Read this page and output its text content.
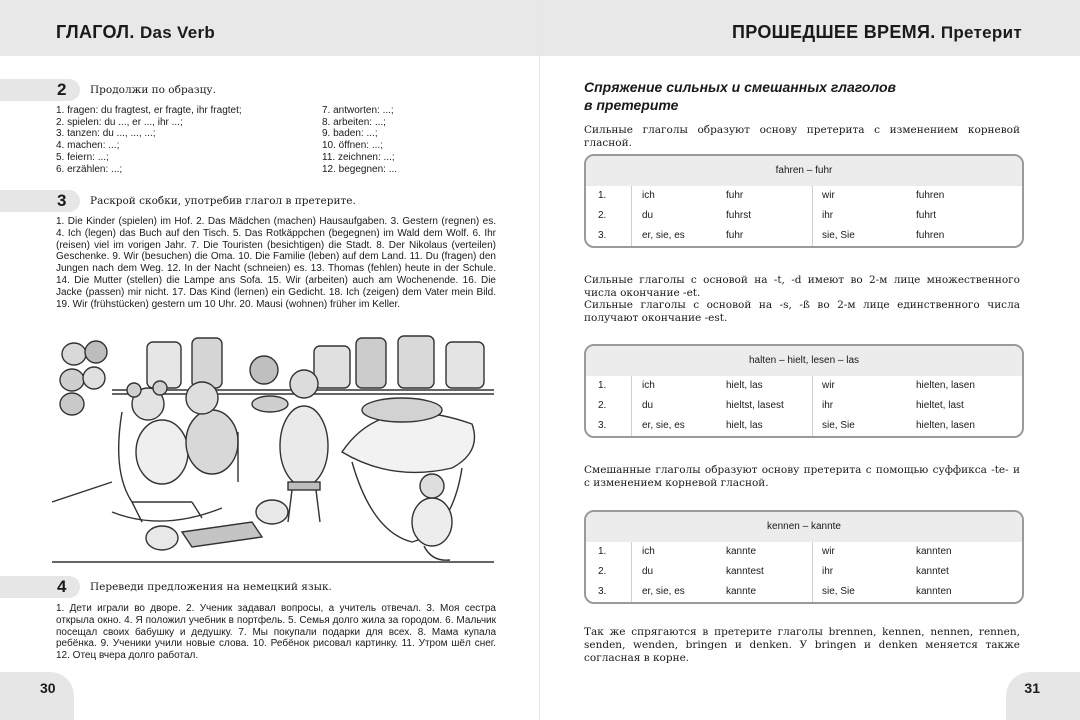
ГЛАГОЛ. Das Verb
2 Продолжи по образцу.
1. fragen: du fragtest, er fragte, ihr fragtet;
2. spielen: du ..., er ..., ihr ...;
3. tanzen: du ..., ..., ...;
4. machen: ...;
5. feiern: ...;
6. erzählen: ...;
7. antworten: ...;
8. arbeiten: ...;
9. baden: ...;
10. öffnen: ...;
11. zeichnen: ...;
12. begegnen: ...
3 Раскрой скобки, употребив глагол в претерите.
1. Die Kinder (spielen) im Hof. 2. Das Mädchen (machen) Hausaufgaben. 3. Gestern (regnen) es. 4. Ich (legen) das Buch auf den Tisch. 5. Das Rotkäppchen (begegnen) im Wald dem Wolf. 6. Ihr (reisen) viel im vorigen Jahr. 7. Die Touristen (besichtigen) die Stadt. 8. Der Nikolaus (verteilen) Geschenke. 9. Wir (besuchen) die Oma. 10. Die Familie (leben) auf dem Land. 11. Du (fragen) den Jungen nach dem Weg. 12. In der Nacht (schneien) es. 13. Thomas (fehlen) heute in der Schule. 14. Die Mutter (stellen) die Lampe ans Sofa. 15. Wir (arbeiten) auch am Wochenende. 16. Die Jacke (passen) mir nicht. 17. Das Kind (lernen) ein Gedicht. 18. Ich (zeigen) dem Vater mein Bild. 19. Wir (frühstücken) gestern um 10 Uhr. 20. Mausi (wohnen) früher im Keller.
4 Переведи предложения на немецкий язык.
1. Дети играли во дворе. 2. Ученик задавал вопросы, а учитель отвечал. 3. Моя сестра открыла окно. 4. Я положил учебник в портфель. 5. Семья долго жила за городом. 6. Мальчик посещал своих бабушку и дедушку. 7. Мы покупали подарки для всех. 8. Мама купала ребёнка. 9. Ученики учили новые слова. 10. Ребёнок рисовал картинку. 11. Утром шёл снег. 12. Отец вчера долго работал.
30
ПРОШЕДШЕЕ ВРЕМЯ. Претерит
Спряжение сильных и смешанных глаголов
в претерите
Сильные глаголы образуют основу претерита с изменением корневой гласной.
fahren – fuhr
1.	ich	fuhr	wir	fuhren
2.	du	fuhrst	ihr	fuhrt
3.	er, sie, es	fuhr	sie, Sie	fuhren
Сильные глаголы с основой на -t, -d имеют во 2-м лице множественного числа окончание -et.
Сильные глаголы с основой на -s, -ß во 2-м лице единственного числа получают окончание -est.
halten – hielt, lesen – las
1.	ich	hielt, las	wir	hielten, lasen
2.	du	hieltst, lasest	ihr	hieltet, last
3.	er, sie, es	hielt, las	sie, Sie	hielten, lasen
Смешанные глаголы образуют основу претерита с помощью суффикса -te- и с изменением корневой гласной.
kennen – kannte
1.	ich	kannte	wir	kannten
2.	du	kanntest	ihr	kanntet
3.	er, sie, es	kannte	sie, Sie	kannten
Так же спрягаются в претерите глаголы brennen, kennen, nennen, rennen, senden, wenden, bringen и denken. У bringen и denken меняется также согласная в корне.
31
